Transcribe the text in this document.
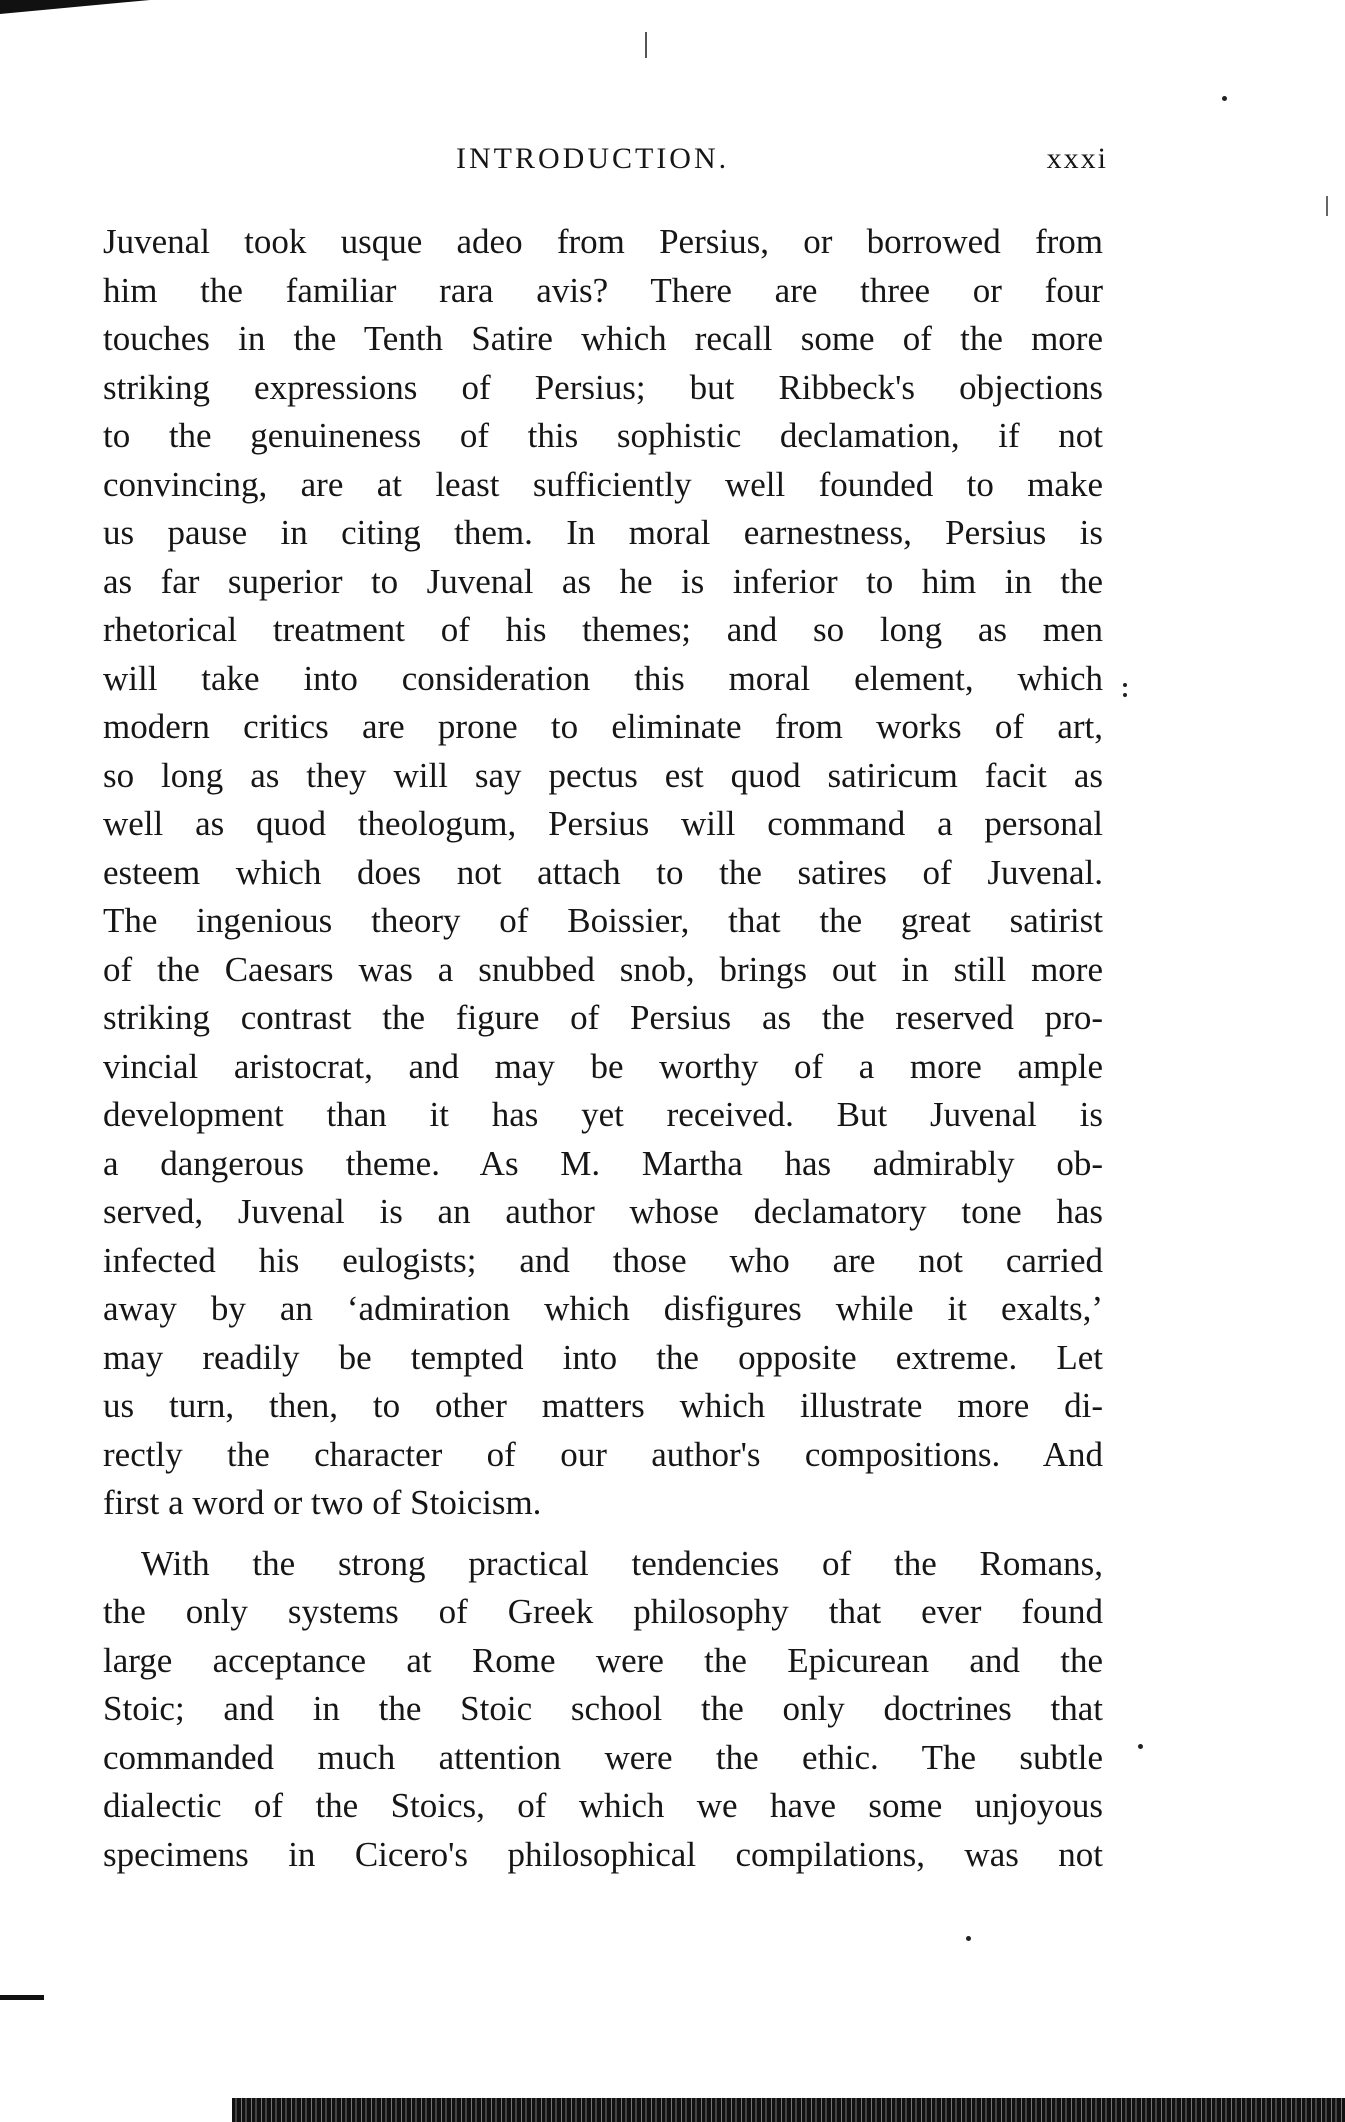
INTRODUCTION.	xxxi
Juvenal took usque adeo from Persius, or borrowed from
him the familiar rara avis? There are three or four
touches in the Tenth Satire which recall some of the more
striking expressions of Persius; but Ribbeck's objections
to the genuineness of this sophistic declamation, if not
convincing, are at least sufficiently well founded to make
us pause in citing them. In moral earnestness, Persius is
as far superior to Juvenal as he is inferior to him in the
rhetorical treatment of his themes; and so long as men
will take into consideration this moral element, which
modern critics are prone to eliminate from works of art,
so long as they will say pectus est quod satiricum facit as
well as quod theologum, Persius will command a personal
esteem which does not attach to the satires of Juvenal.
The ingenious theory of Boissier, that the great satirist
of the Caesars was a snubbed snob, brings out in still more
striking contrast the figure of Persius as the reserved pro-
vincial aristocrat, and may be worthy of a more ample
development than it has yet received. But Juvenal is
a dangerous theme. As M. Martha has admirably ob-
served, Juvenal is an author whose declamatory tone has
infected his eulogists; and those who are not carried
away by an ‘admiration which disfigures while it exalts,’
may readily be tempted into the opposite extreme. Let
us turn, then, to other matters which illustrate more di-
rectly the character of our author's compositions. And
first a word or two of Stoicism.
With the strong practical tendencies of the Romans,
the only systems of Greek philosophy that ever found
large acceptance at Rome were the Epicurean and the
Stoic; and in the Stoic school the only doctrines that
commanded much attention were the ethic. The subtle
dialectic of the Stoics, of which we have some unjoyous
specimens in Cicero's philosophical compilations, was not
